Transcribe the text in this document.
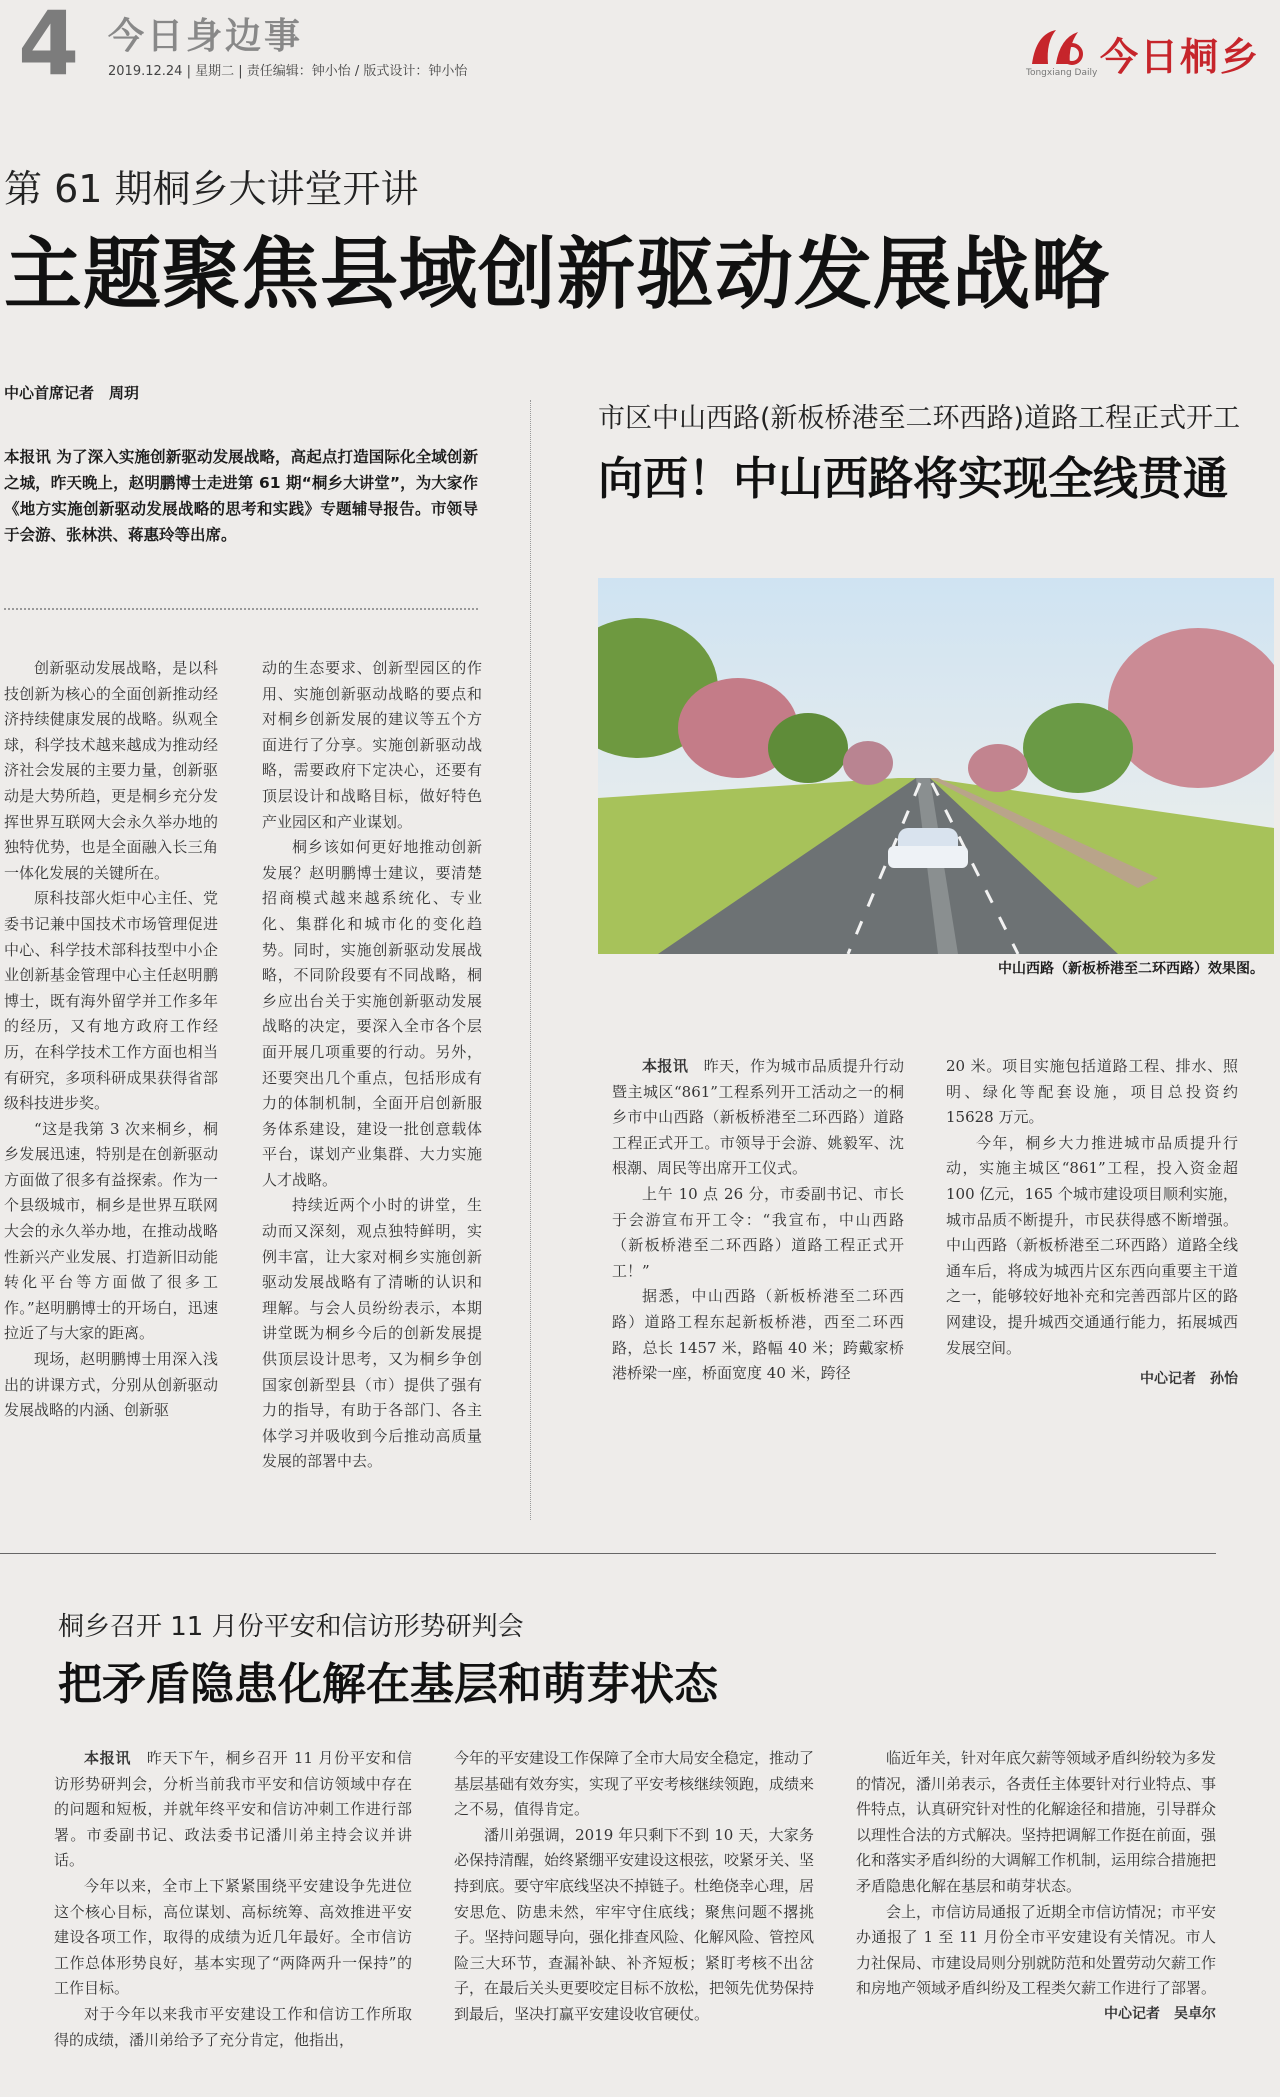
4 今日身边事
2019.12.24 | 星期二 | 责任编辑：钟小怡 / 版式设计：钟小怡	今日桐乡
Tongxiang Daily
第 61 期桐乡大讲堂开讲
主题聚焦县域创新驱动发展战略
中心首席记者　周玥
本报讯 为了深入实施创新驱动发展战略，高起点打造国际化全域创新之城，昨天晚上，赵明鹏博士走进第 61 期“桐乡大讲堂”，为大家作《地方实施创新驱动发展战略的思考和实践》专题辅导报告。市领导于会游、张林洪、蒋惠玲等出席。

创新驱动发展战略，是以科技创新为核心的全面创新推动经济持续健康发展的战略。纵观全球，科学技术越来越成为推动经济社会发展的主要力量，创新驱动是大势所趋，更是桐乡充分发挥世界互联网大会永久举办地的独特优势，也是全面融入长三角一体化发展的关键所在。

原科技部火炬中心主任、党委书记兼中国技术市场管理促进中心、科学技术部科技型中小企业创新基金管理中心主任赵明鹏博士，既有海外留学并工作多年的经历，又有地方政府工作经历，在科学技术工作方面也相当有研究，多项科研成果获得省部级科技进步奖。

“这是我第 3 次来桐乡，桐乡发展迅速，特别是在创新驱动方面做了很多有益探索。作为一个县级城市，桐乡是世界互联网大会的永久举办地，在推动战略性新兴产业发展、打造新旧动能转化平台等方面做了很多工作。”赵明鹏博士的开场白，迅速拉近了与大家的距离。

现场，赵明鹏博士用深入浅出的讲课方式，分别从创新驱动发展战略的内涵、创新驱

动的生态要求、创新型园区的作用、实施创新驱动战略的要点和对桐乡创新发展的建议等五个方面进行了分享。实施创新驱动战略，需要政府下定决心，还要有顶层设计和战略目标，做好特色产业园区和产业谋划。

桐乡该如何更好地推动创新发展？赵明鹏博士建议，要清楚招商模式越来越系统化、专业化、集群化和城市化的变化趋势。同时，实施创新驱动发展战略，不同阶段要有不同战略，桐乡应出台关于实施创新驱动发展战略的决定，要深入全市各个层面开展几项重要的行动。另外，还要突出几个重点，包括形成有力的体制机制，全面开启创新服务体系建设，建设一批创意载体平台，谋划产业集群、大力实施人才战略。

持续近两个小时的讲堂，生动而又深刻，观点独特鲜明，实例丰富，让大家对桐乡实施创新驱动发展战略有了清晰的认识和理解。与会人员纷纷表示，本期讲堂既为桐乡今后的创新发展提供顶层设计思考，又为桐乡争创国家创新型县（市）提供了强有力的指导，有助于各部门、各主体学习并吸收到今后推动高质量发展的部署中去。

市区中山西路(新板桥港至二环西路)道路工程正式开工
向西！中山西路将实现全线贯通
中山西路（新板桥港至二环西路）效果图。

本报讯　 昨天，作为城市品质提升行动暨主城区“861”工程系列开工活动之一的桐乡市中山西路（新板桥港至二环西路）道路工程正式开工。市领导于会游、姚毅军、沈根潮、周民等出席开工仪式。

上午 10 点 26 分，市委副书记、市长于会游宣布开工令：“我宣布，中山西路（新板桥港至二环西路）道路工程正式开工！”

据悉，中山西路（新板桥港至二环西路）道路工程东起新板桥港，西至二环西路，总长 1457 米，路幅 40 米；跨戴家桥港桥梁一座，桥面宽度 40 米，跨径

20 米。项目实施包括道路工程、排水、照明、绿化等配套设施，项目总投资约 15628 万元。

今年，桐乡大力推进城市品质提升行动，实施主城区“861”工程，投入资金超 100 亿元，165 个城市建设项目顺利实施，城市品质不断提升，市民获得感不断增强。中山西路（新板桥港至二环西路）道路全线通车后，将成为城西片区东西向重要主干道之一，能够较好地补充和完善西部片区的路网建设，提升城西交通通行能力，拓展城西发展空间。

中心记者　孙怡
桐乡召开 11 月份平安和信访形势研判会
把矛盾隐患化解在基层和萌芽状态

本报讯　 昨天下午，桐乡召开 11 月份平安和信访形势研判会，分析当前我市平安和信访领域中存在的问题和短板，并就年终平安和信访冲刺工作进行部署。市委副书记、政法委书记潘川弟主持会议并讲话。

今年以来，全市上下紧紧围绕平安建设争先进位这个核心目标，高位谋划、高标统筹、高效推进平安建设各项工作，取得的成绩为近几年最好。全市信访工作总体形势良好，基本实现了“两降两升一保持”的工作目标。

对于今年以来我市平安建设工作和信访工作所取得的成绩，潘川弟给予了充分肯定，他指出，

今年的平安建设工作保障了全市大局安全稳定，推动了基层基础有效夯实，实现了平安考核继续领跑，成绩来之不易，值得肯定。

潘川弟强调，2019 年只剩下不到 10 天，大家务必保持清醒，始终紧绷平安建设这根弦，咬紧牙关、坚持到底。要守牢底线坚决不掉链子。杜绝侥幸心理，居安思危、防患未然，牢牢守住底线；聚焦问题不撂挑子。坚持问题导向，强化排查风险、化解风险、管控风险三大环节，查漏补缺、补齐短板；紧盯考核不出岔子，在最后关头更要咬定目标不放松，把领先优势保持到最后，坚决打赢平安建设收官硬仗。

临近年关，针对年底欠薪等领域矛盾纠纷较为多发的情况，潘川弟表示，各责任主体要针对行业特点、事件特点，认真研究针对性的化解途径和措施，引导群众以理性合法的方式解决。坚持把调解工作挺在前面，强化和落实矛盾纠纷的大调解工作机制，运用综合措施把矛盾隐患化解在基层和萌芽状态。

会上，市信访局通报了近期全市信访情况；市平安办通报了 1 至 11 月份全市平安建设有关情况。市人力社保局、市建设局则分别就防范和处置劳动欠薪工作和房地产领域矛盾纠纷及工程类欠薪工作进行了部署。

中心记者　吴卓尔
